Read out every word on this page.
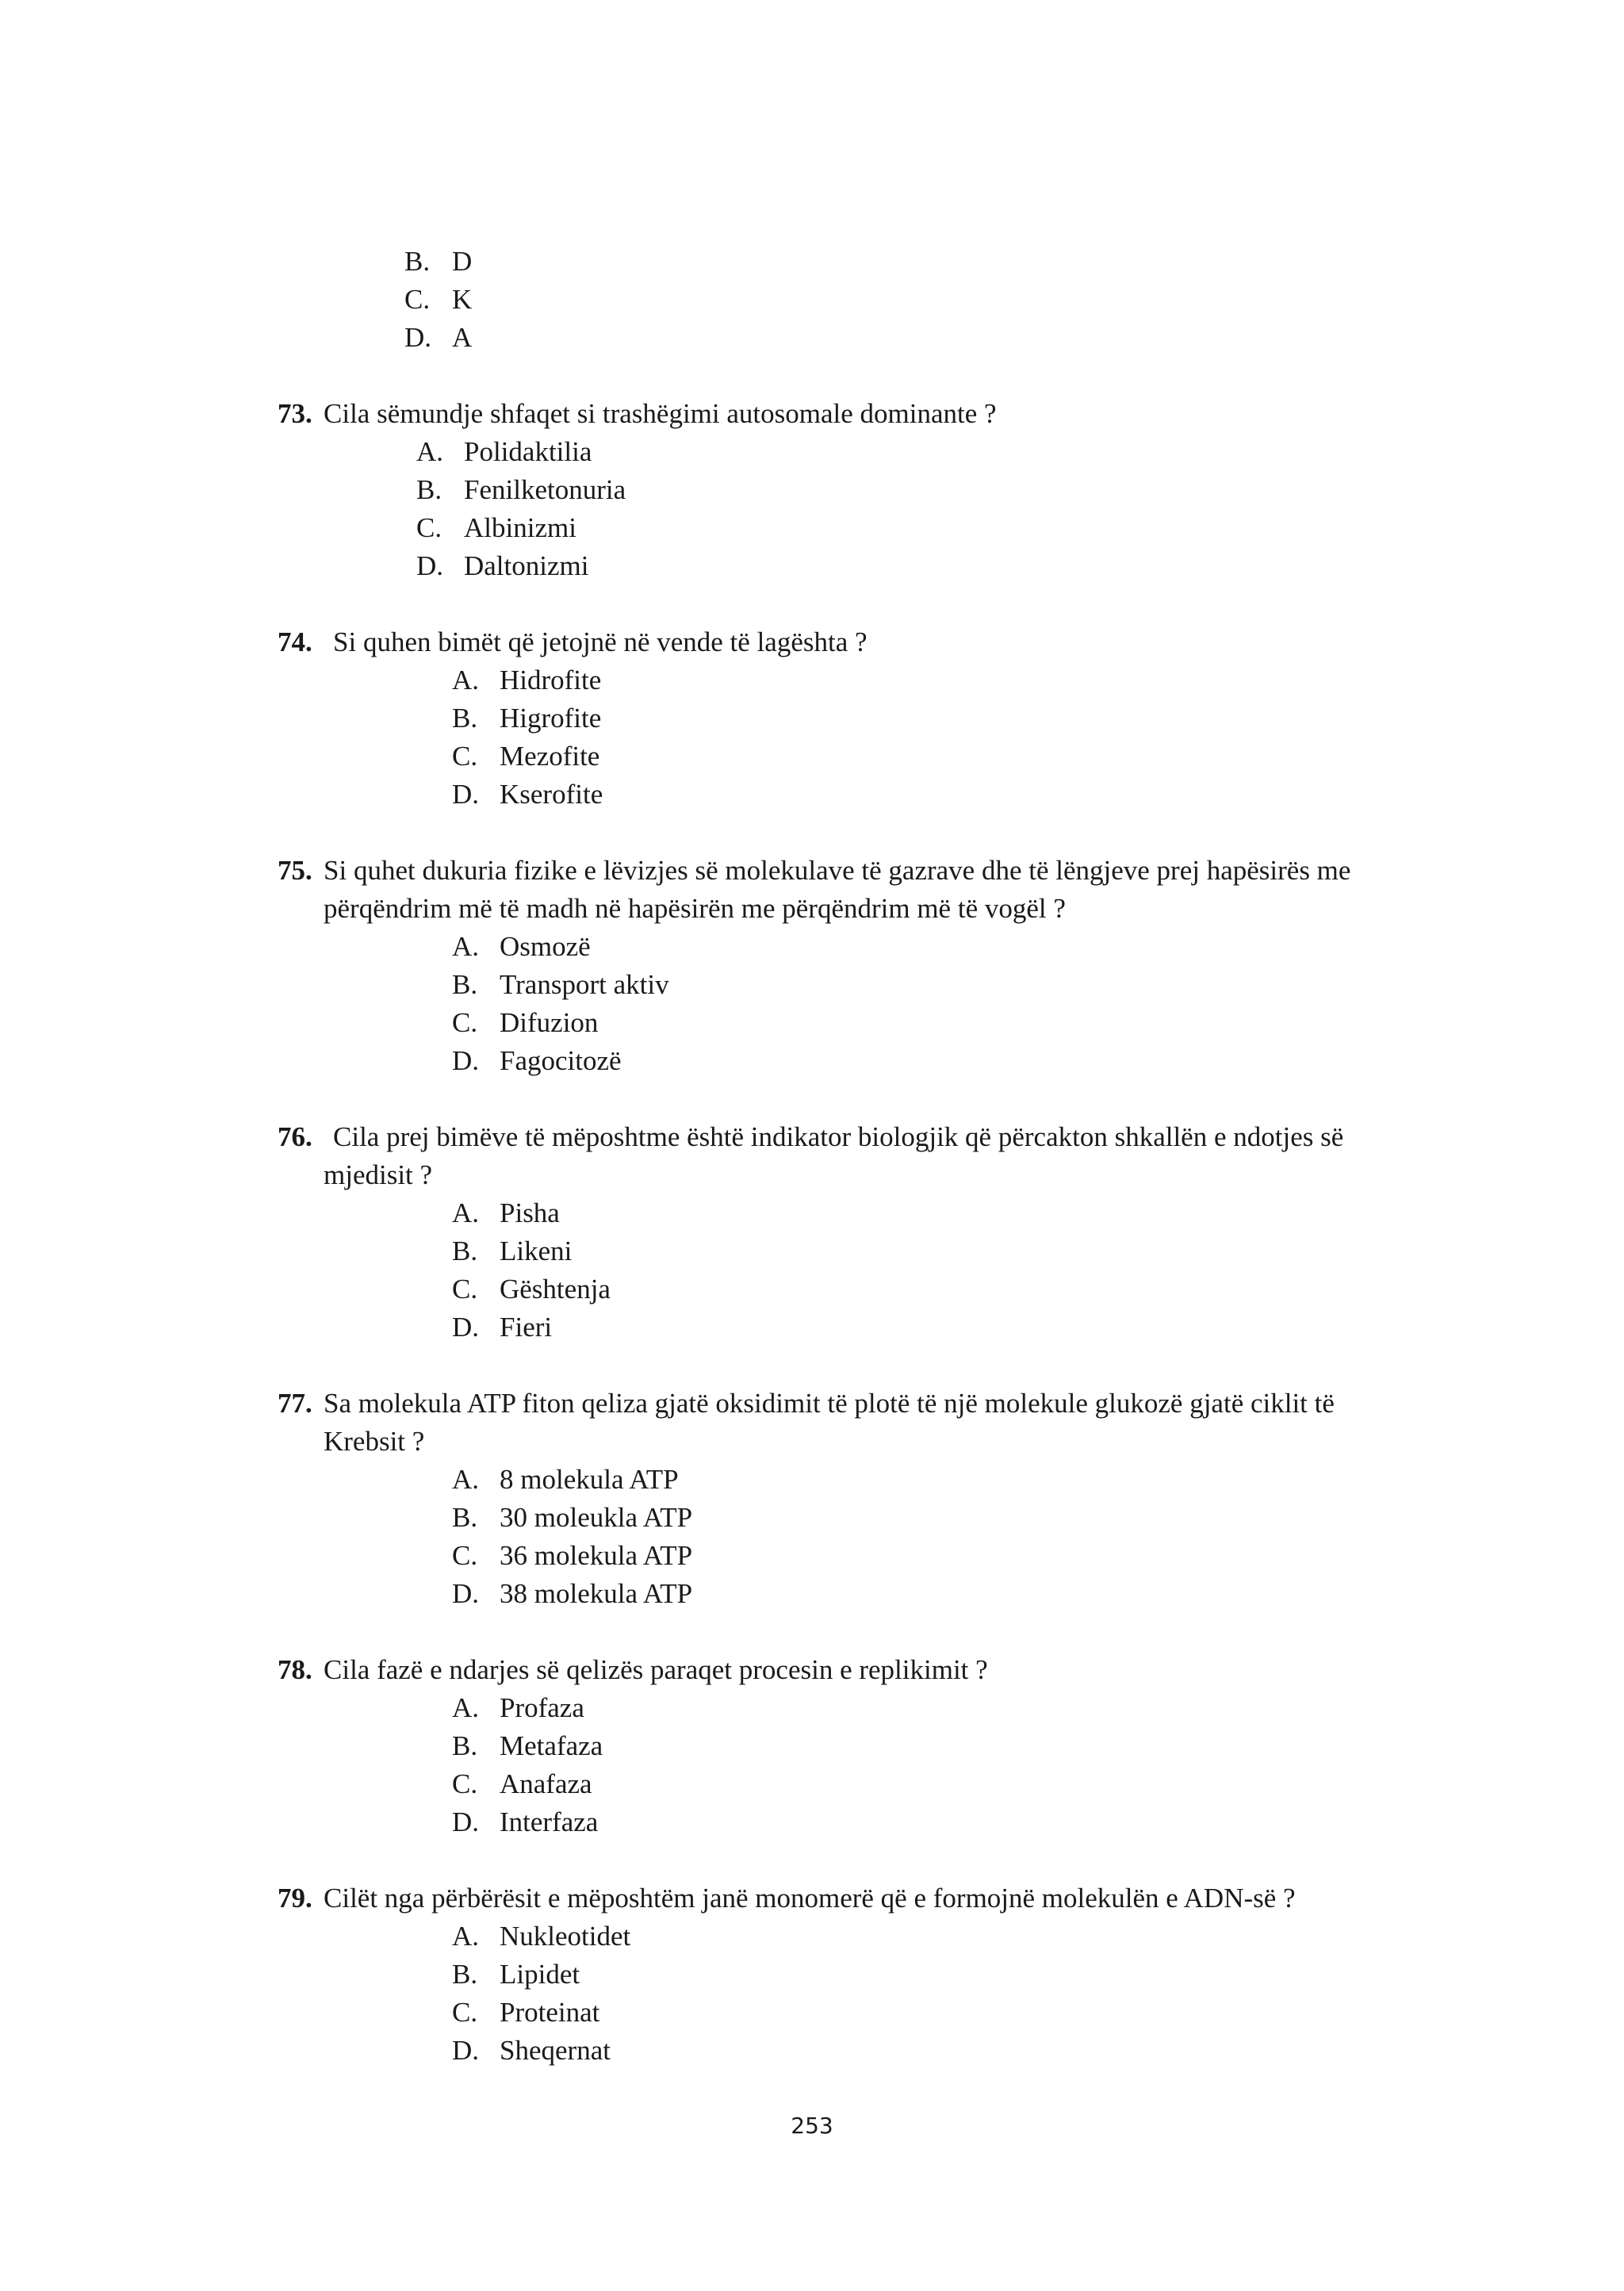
B. D
C. K
D. A
73. Cila sëmundje shfaqet si trashëgimi autosomale dominante ?
A. Polidaktilia
B. Fenilketonuria
C. Albinizmi
D. Daltonizmi
74. Si quhen bimët që jetojnë në vende të lagështa ?
A. Hidrofite
B. Higrofite
C. Mezofite
D. Kserofite
75. Si quhet dukuria fizike e lëvizjes së molekulave të gazrave dhe të lëngjeve prej hapësirës me
përqëndrim më të madh në hapësirën me përqëndrim më të vogël ?
A. Osmozë
B. Transport aktiv
C. Difuzion
D. Fagocitozë
76. Cila prej bimëve të mëposhtme është indikator biologjik që përcakton shkallën e ndotjes së
mjedisit ?
A. Pisha
B. Likeni
C. Gështenja
D. Fieri
77. Sa molekula ATP fiton qeliza gjatë oksidimit të plotë të një molekule glukozë gjatë ciklit të
Krebsit ?
A. 8 molekula ATP
B. 30 moleukla ATP
C. 36 molekula ATP
D. 38 molekula ATP
78. Cila fazë e ndarjes së qelizës paraqet procesin e replikimit ?
A. Profaza
B. Metafaza
C. Anafaza
D. Interfaza
79. Cilët nga përbërësit e mëposhtëm janë monomerë që e formojnë molekulën e ADN-së ?
A. Nukleotidet
B. Lipidet
C. Proteinat
D. Sheqernat
253
